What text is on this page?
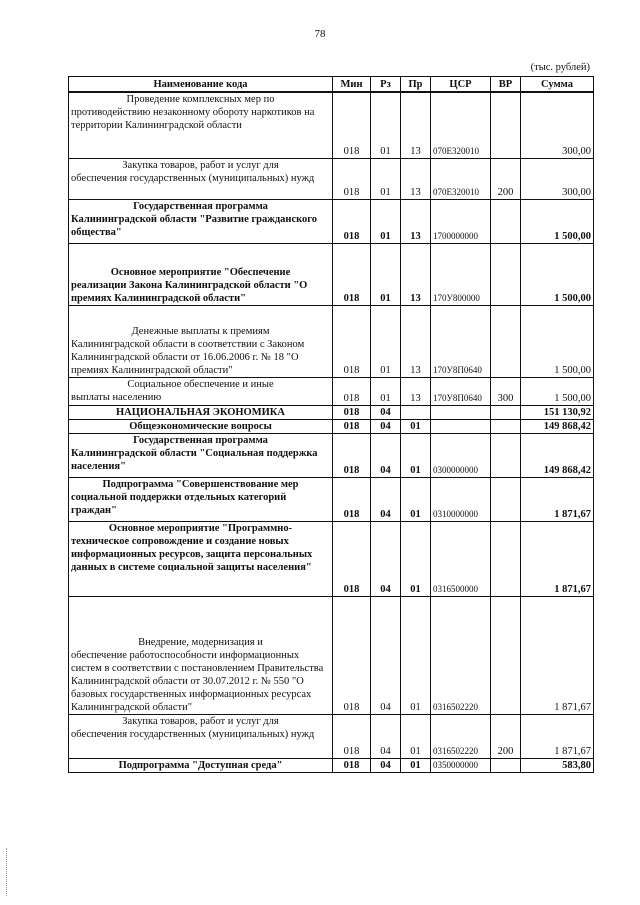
78
(тыс. рублей)
Наименование кода	Мин	Рз	Пр	ЦСР	ВР	Сумма

Проведение комплексных мер по
противодействию незаконному обороту наркотиков на территории Калининградской области	018	01	13	070Е320010		300,00

Закупка товаров, работ и услуг для
обеспечения государственных (муниципальных) нужд	018	01	13	070Е320010	200	300,00

Государственная программа
Калининградской области "Развитие гражданского общества"	018	01	13	1700000000		1 500,00

Основное мероприятие "Обеспечение
реализации Закона Калининградской области "О премиях Калининградской области"	018	01	13	170У800000		1 500,00

Денежные выплаты к премиям
Калининградской области в соответствии с Законом Калининградской области от 16.06.2006 г. № 18 "О премиях Калининградской области"	018	01	13	170У8П0640		1 500,00

Социальное обеспечение и иные
выплаты населению	018	01	13	170У8П0640	300	1 500,00

НАЦИОНАЛЬНАЯ ЭКОНОМИКА	018	04				151 130,92

Общеэкономические вопросы	018	04	01			149 868,42

Государственная программа
Калининградской области "Социальная поддержка населения"	018	04	01	0300000000		149 868,42

Подпрограмма "Совершенствование мер
социальной поддержки отдельных категорий граждан"	018	04	01	0310000000		1 871,67

Основное мероприятие "Программно-
техническое сопровождение и создание новых информационных ресурсов, защита персональных данных в системе социальной защиты населения"	018	04	01	0316500000		1 871,67

Внедрение, модернизация и
обеспечение работоспособности информационных систем в соответствии с постановлением Правительства Калининградской области от 30.07.2012 г. № 550 "О базовых государственных информационных ресурсах Калининградской области"	018	04	01	0316502220		1 871,67

Закупка товаров, работ и услуг для
обеспечения государственных (муниципальных) нужд	018	04	01	0316502220	200	1 871,67

Подпрограмма "Доступная среда"	018	04	01	0350000000		583,80
